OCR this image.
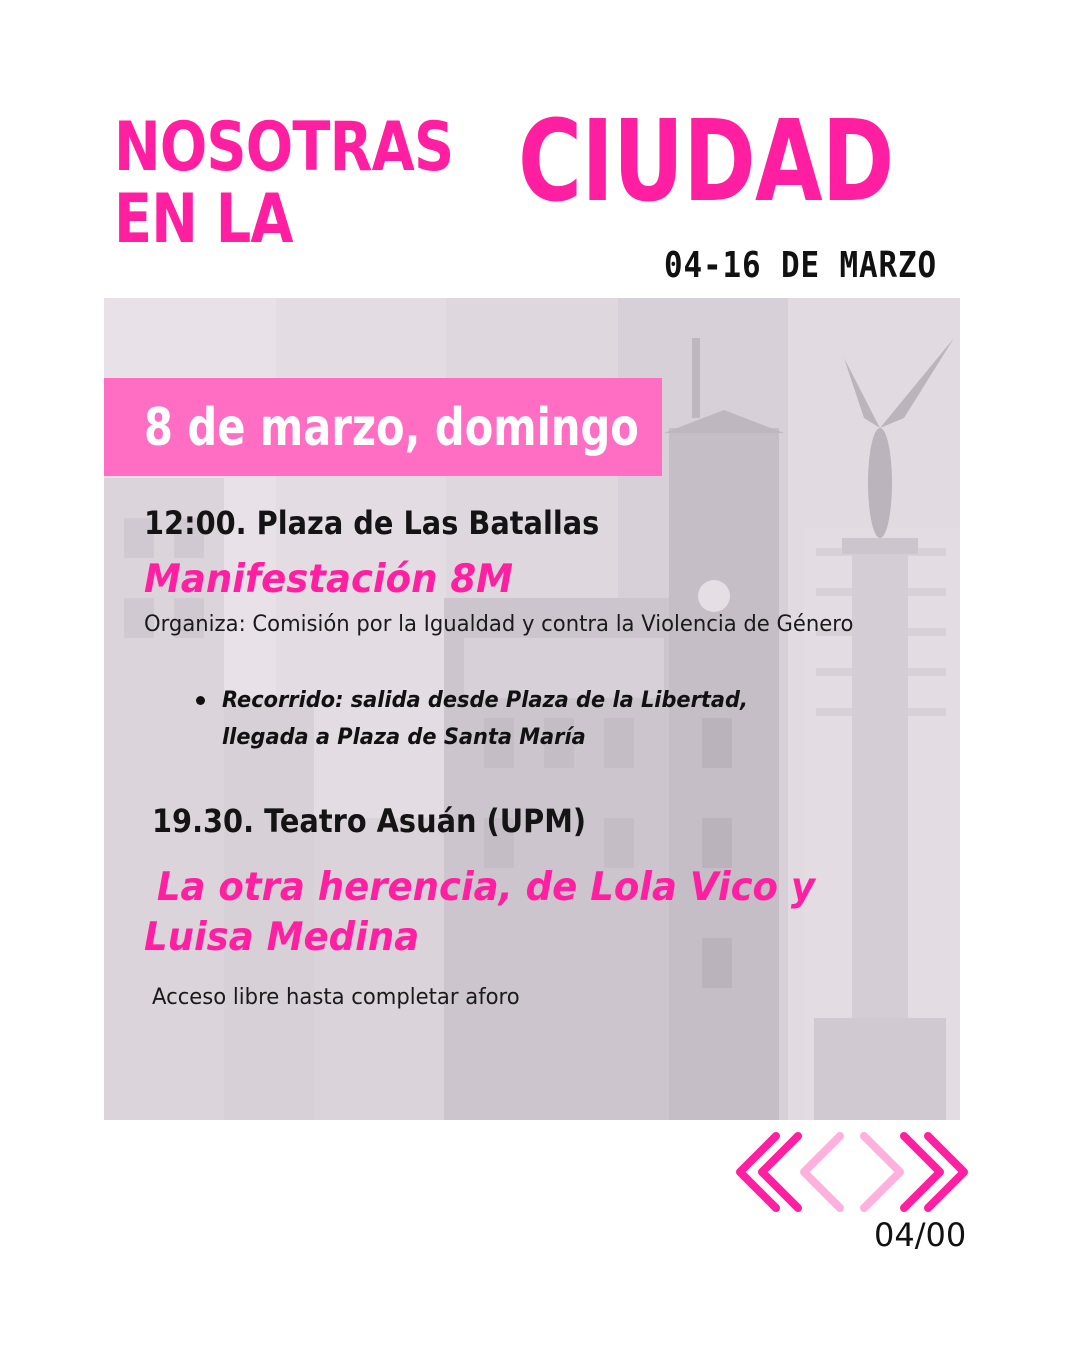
NOSOTRAS
EN LA CIUDAD
04-16 DE MARZO
8 de marzo, domingo
12:00. Plaza de Las Batallas
Manifestación 8M
Organiza: Comisión por la Igualdad y contra la Violencia de Género
Recorrido: salida desde Plaza de la Libertad, llegada a Plaza de Santa María
19.30. Teatro Asuán (UPM)
La otra herencia, de Lola Vico y
Luisa Medina
Acceso libre hasta completar aforo
04/00
